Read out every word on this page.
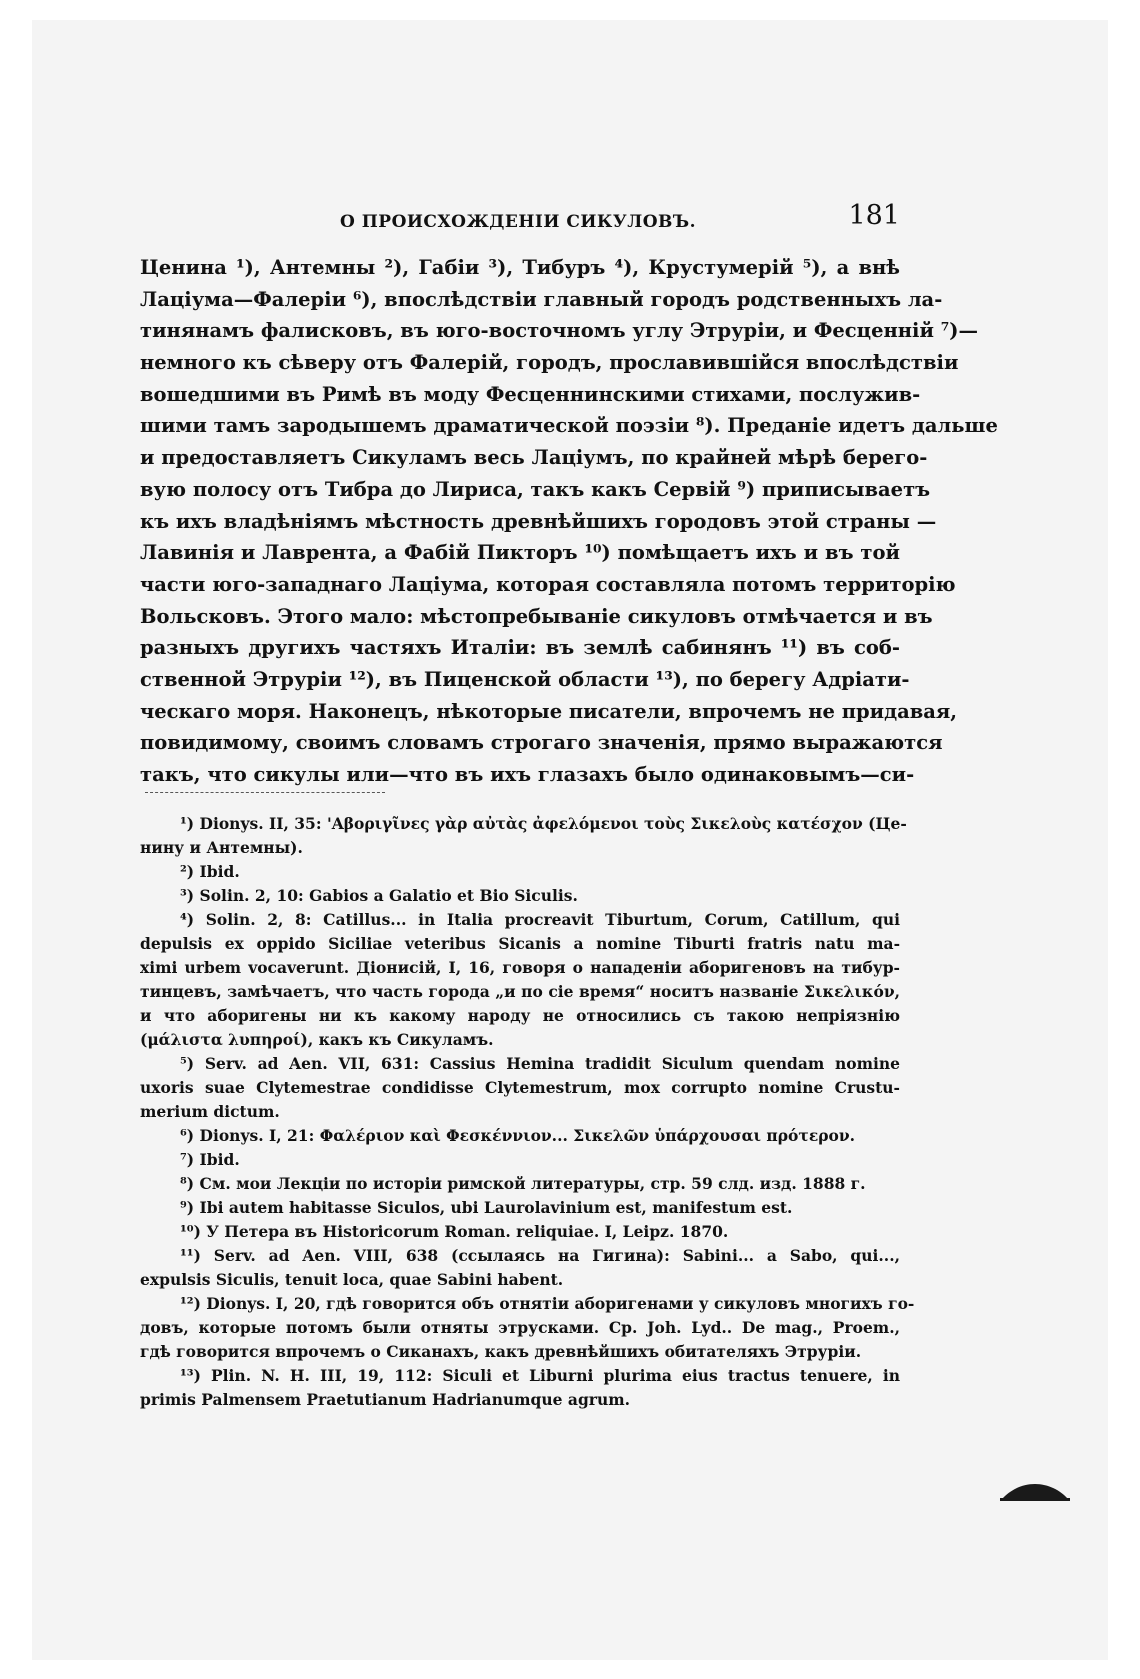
О ПРОИСХОЖДЕНІИ СИКУЛОВЪ.	181
Ценина ¹), Антемны ²), Габіи ³), Тибуръ ⁴), Крустумерій ⁵), а внѣ
Лаціума—Фалеріи ⁶), впослѣдствіи главный городъ родственныхъ ла-
тинянамъ фалисковъ, въ юго-восточномъ углу Этруріи, и Фесценній ⁷)—
немного къ сѣверу отъ Фалерій, городъ, прославившійся впослѣдствіи
вошедшими въ Римѣ въ моду Фесценнинскими стихами, послужив-
шими тамъ зародышемъ драматической поэзіи ⁸). Преданіе идетъ дальше
и предоставляетъ Сикуламъ весь Лаціумъ, по крайней мѣрѣ берего-
вую полосу отъ Тибра до Лириса, такъ какъ Сервій ⁹) приписываетъ
къ ихъ владѣніямъ мѣстность древнѣйшихъ городовъ этой страны —
Лавинія и Лаврента, а Фабій Пикторъ ¹⁰) помѣщаетъ ихъ и въ той
части юго-западнаго Лаціума, которая составляла потомъ территорію
Вольсковъ. Этого мало: мѣстопребываніе сикуловъ отмѣчается и въ
разныхъ другихъ частяхъ Италіи: въ землѣ сабинянъ ¹¹) въ соб-
ственной Этруріи ¹²), въ Пиценской области ¹³), по берегу Адріати-
ческаго моря. Наконецъ, нѣкоторые писатели, впрочемъ не придавая,
повидимому, своимъ словамъ строгаго значенія, прямо выражаются
такъ, что сикулы или—что въ ихъ глазахъ было одинаковымъ—си-
¹) Dionys. II, 35: 'Αβοριγῖνες γὰρ αὐτὰς ἀφελόμενοι τοὺς Σικελοὺς κατέσχον (Це-
нину и Антемны).
²) Ibid.
³) Solin. 2, 10: Gabios a Galatio et Bio Siculis.
⁴) Solin. 2, 8: Catillus... in Italia procreavit Tiburtum, Corum, Catillum, qui
depulsis ex oppido Siciliae veteribus Sicanis a nomine Tiburti fratris natu ma-
ximi urbem vocaverunt. Діонисій, I, 16, говоря о нападеніи аборигеновъ на тибур-
тинцевъ, замѣчаетъ, что часть города „и по сіе время“ носитъ названіе Σικελικόν,
и что аборигены ни къ какому народу не относились съ такою непріязнію
(μάλιστα λυπηροί), какъ къ Сикуламъ.
⁵) Serv. ad Aen. VII, 631: Cassius Hemina tradidit Siculum quendam nomine
uxoris suae Clytemestrae condidisse Clytemestrum, mox corrupto nomine Crustu-
merium dictum.
⁶) Dionys. I, 21: Φαλέριον καὶ Φεσκέννιον... Σικελῶν ὑπάρχουσαι πρότερον.
⁷) Ibid.
⁸) См. мои Лекціи по исторіи римской литературы, стр. 59 слд. изд. 1888 г.
⁹) Ibi autem habitasse Siculos, ubi Laurolavinium est, manifestum est.
¹⁰) У Петера въ Historicorum Roman. reliquiae. I, Leipz. 1870.
¹¹) Serv. ad Aen. VIII, 638 (ссылаясь на Гигина): Sabini... a Sabo, qui...,
expulsis Siculis, tenuit loca, quae Sabini habent.
¹²) Dionys. I, 20, гдѣ говорится объ отнятіи аборигенами у сикуловъ многихъ го-
довъ, которые потомъ были отняты этрусками. Ср. Joh. Lyd.. De mag., Proem.,
гдѣ говорится впрочемъ о Сиканахъ, какъ древнѣйшихъ обитателяхъ Этруріи.
¹³) Plin. N. H. III, 19, 112: Siculi et Liburni plurima eius tractus tenuere, in
primis Palmensem Praetutianum Hadrianumque agrum.
